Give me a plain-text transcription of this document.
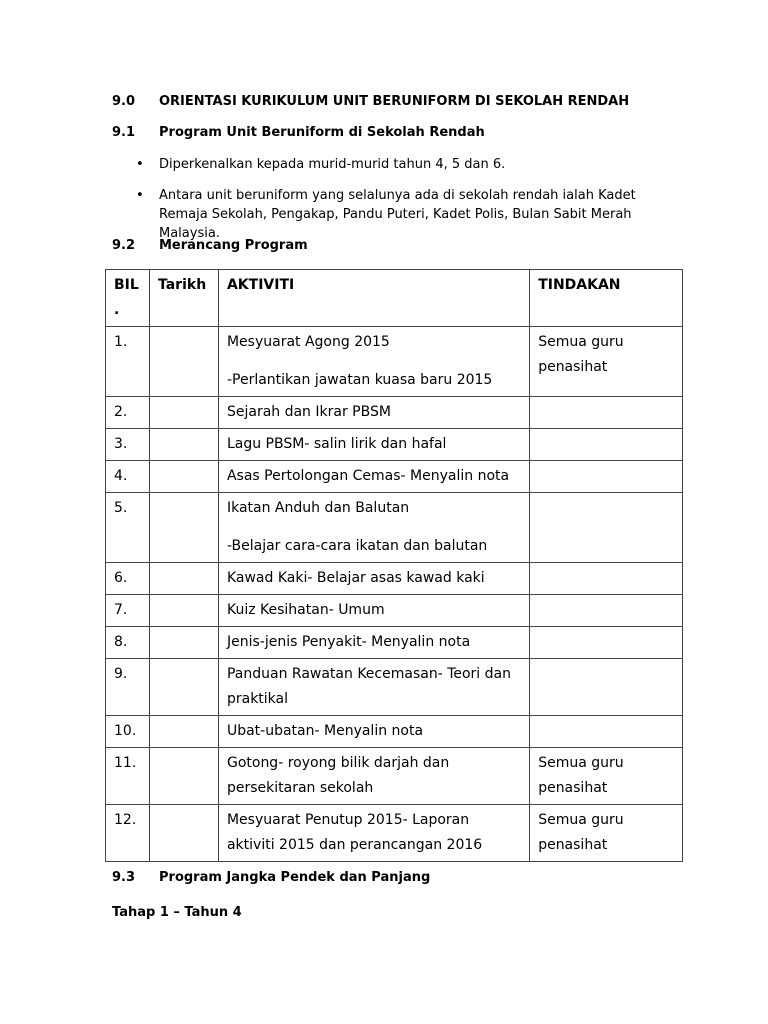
9.0 ORIENTASI KURIKULUM UNIT BERUNIFORM DI SEKOLAH RENDAH
9.1 Program Unit Beruniform di Sekolah Rendah
• Diperkenalkan kepada murid-murid tahun 4, 5 dan 6.
• Antara unit beruniform yang selalunya ada di sekolah rendah ialah Kadet Remaja Sekolah, Pengakap, Pandu Puteri, Kadet Polis, Bulan Sabit Merah Malaysia.
9.2 Merancang Program
BIL .	Tarikh	AKTIVITI	TINDAKAN
1.		Mesyuarat Agong 2015
-Perlantikan jawatan kuasa baru 2015	Semua guru penasihat
2.		Sejarah dan Ikrar PBSM	
3.		Lagu PBSM- salin lirik dan hafal	
4.		Asas Pertolongan Cemas- Menyalin nota	
5.		Ikatan Anduh dan Balutan
-Belajar cara-cara ikatan dan balutan	

6.		Kawad Kaki- Belajar asas kawad kaki	
7.		Kuiz Kesihatan- Umum	
8.		Jenis-jenis Penyakit- Menyalin nota	
9.		Panduan Rawatan Kecemasan- Teori dan praktikal	
10.		Ubat-ubatan- Menyalin nota	
11.		Gotong- royong bilik darjah dan persekitaran sekolah	Semua guru penasihat
12.		Mesyuarat Penutup 2015- Laporan aktiviti 2015 dan perancangan 2016	Semua guru penasihat
9.3 Program Jangka Pendek dan Panjang
Tahap 1 – Tahun 4
